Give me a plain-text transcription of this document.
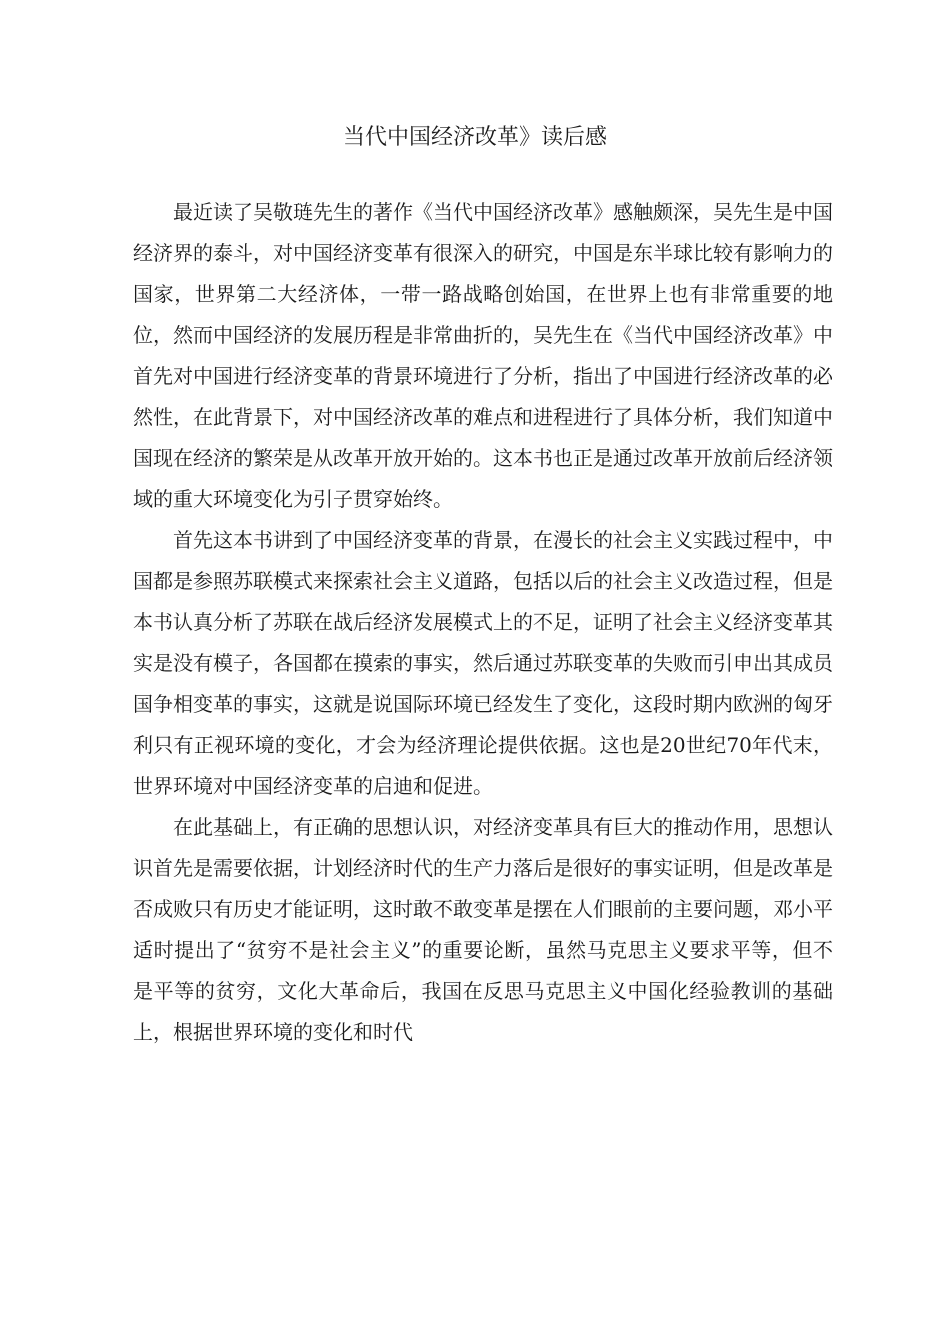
当代中国经济改革》读后感

最近读了吴敬琏先生的著作《当代中国经济改革》感触颇深，吴先生是中国经济界的泰斗，对中国经济变革有很深入的研究，中国是东半球比较有影响力的国家，世界第二大经济体，一带一路战略创始国，在世界上也有非常重要的地位，然而中国经济的发展历程是非常曲折的，吴先生在《当代中国经济改革》中首先对中国进行经济变革的背景环境进行了分析，指出了中国进行经济改革的必然性，在此背景下，对中国经济改革的难点和进程进行了具体分析，我们知道中国现在经济的繁荣是从改革开放开始的。这本书也正是通过改革开放前后经济领域的重大环境变化为引子贯穿始终。

首先这本书讲到了中国经济变革的背景，在漫长的社会主义实践过程中，中国都是参照苏联模式来探索社会主义道路，包括以后的社会主义改造过程，但是本书认真分析了苏联在战后经济发展模式上的不足，证明了社会主义经济变革其实是没有模子，各国都在摸索的事实，然后通过苏联变革的失败而引申出其成员国争相变革的事实，这就是说国际环境已经发生了变化，这段时期内欧洲的匈牙利只有正视环境的变化，才会为经济理论提供依据。这也是20世纪70年代末，世界环境对中国经济变革的启迪和促进。

在此基础上，有正确的思想认识，对经济变革具有巨大的推动作用，思想认识首先是需要依据，计划经济时代的生产力落后是很好的事实证明，但是改革是否成败只有历史才能证明，这时敢不敢变革是摆在人们眼前的主要问题，邓小平适时提出了“贫穷不是社会主义”的重要论断，虽然马克思主义要求平等，但不是平等的贫穷，文化大革命后，我国在反思马克思主义中国化经验教训的基础上，根据世界环境的变化和时代
